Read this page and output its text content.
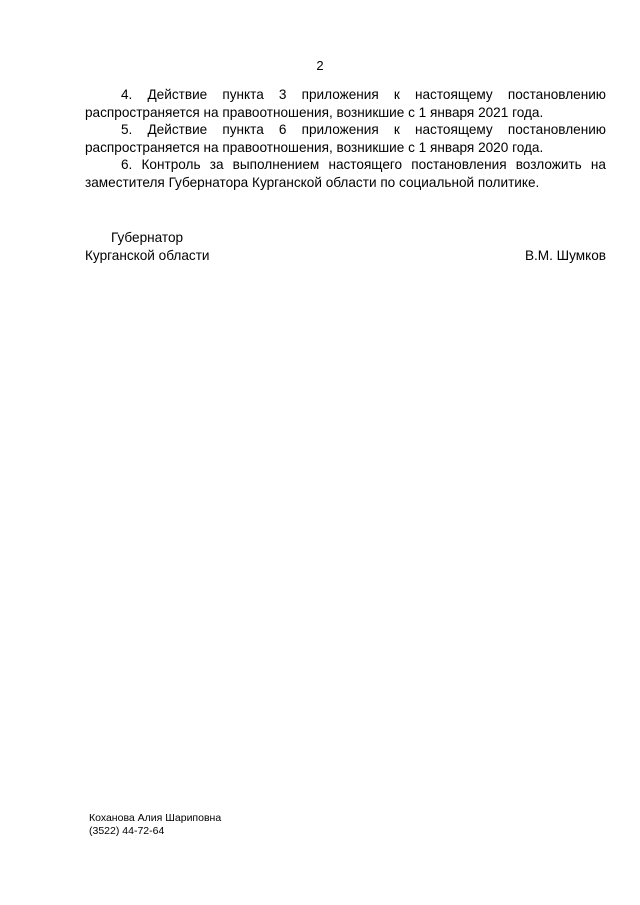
2

4. Действие пункта 3 приложения к настоящему постановлению распространяется на правоотношения, возникшие с 1 января 2021 года.

5. Действие пункта 6 приложения к настоящему постановлению распространяется на правоотношения, возникшие с 1 января 2020 года.

6. Контроль за выполнением настоящего постановления возложить на заместителя Губернатора Курганской области по социальной политике.

Губернатор
Курганской области	В.М. Шумков
Коханова Алия Шариповна
(3522) 44-72-64
